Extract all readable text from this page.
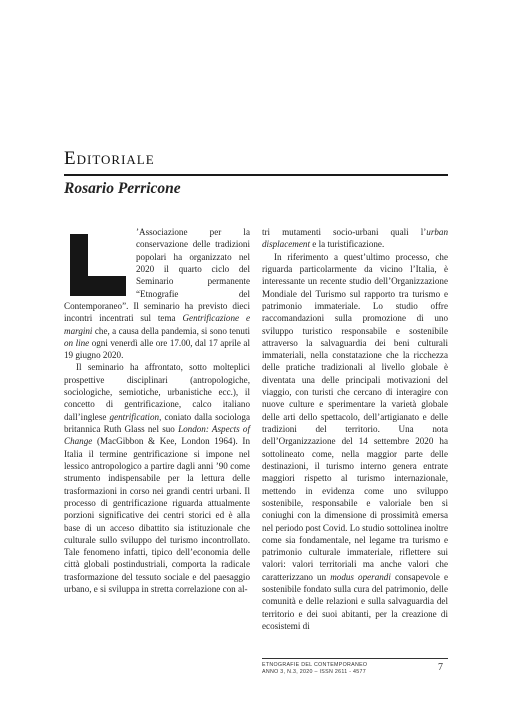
Editoriale
Rosario Perricone

’Associazione per la conservazione delle tradizioni popolari ha organizzato nel 2020 il quarto ciclo del Seminario permanente “Etnografie del Contemporaneo”. Il seminario ha previsto dieci incontri incentrati sul tema Gentrificazione e margini che, a causa della pandemia, si sono tenuti on line ogni venerdì alle ore 17.00, dal 17 aprile al 19 giugno 2020.

Il seminario ha affrontato, sotto molteplici prospettive disciplinari (antropologiche, sociologiche, semiotiche, urbanistiche ecc.), il concetto di gentrificazione, calco italiano dall’inglese gentrification, coniato dalla sociologa britannica Ruth Glass nel suo London: Aspects of Change (MacGibbon & Kee, London 1964). In Italia il termine gentrificazione si impone nel lessico antropologico a partire dagli anni ’90 come strumento indispensabile per la lettura delle trasformazioni in corso nei grandi centri urbani. Il processo di gentrificazione riguarda attualmente porzioni significative dei centri storici ed è alla base di un acceso dibattito sia istituzionale che culturale sullo sviluppo del turismo incontrollato. Tale fenomeno infatti, tipico dell’economia delle città globali postindustriali, comporta la radicale trasformazione del tessuto sociale e del paesaggio urbano, e si sviluppa in stretta correlazione con al-

tri mutamenti socio-urbani quali l’urban displacement e la turistificazione.

In riferimento a quest’ultimo processo, che riguarda particolarmente da vicino l’Italia, è interessante un recente studio dell’Organizzazione Mondiale del Turismo sul rapporto tra turismo e patrimonio immateriale. Lo studio offre raccomandazioni sulla promozione di uno sviluppo turistico responsabile e sostenibile attraverso la salvaguardia dei beni culturali immateriali, nella constatazione che la ricchezza delle pratiche tradizionali al livello globale è diventata una delle principali motivazioni del viaggio, con turisti che cercano di interagire con nuove culture e sperimentare la varietà globale delle arti dello spettacolo, dell’artigianato e delle tradizioni del territorio. Una nota dell’Organizzazione del 14 settembre 2020 ha sottolineato come, nella maggior parte delle destinazioni, il turismo interno genera entrate maggiori rispetto al turismo internazionale, mettendo in evidenza come uno sviluppo sostenibile, responsabile e valoriale ben si coniughi con la dimensione di prossimità emersa nel periodo post Covid. Lo studio sottolinea inoltre come sia fondamentale, nel legame tra turismo e patrimonio culturale immateriale, riflettere sui valori: valori territoriali ma anche valori che caratterizzano un modus operandi consapevole e sostenibile fondato sulla cura del patrimonio, delle comunità e delle relazioni e sulla salvaguardia del territorio e dei suoi abitanti, per la creazione di ecosistemi di

ETNOGRAFIE DEL CONTEMPORANEO
ANNO 3, N.3, 2020 – ISSN 2611 - 4577	7
